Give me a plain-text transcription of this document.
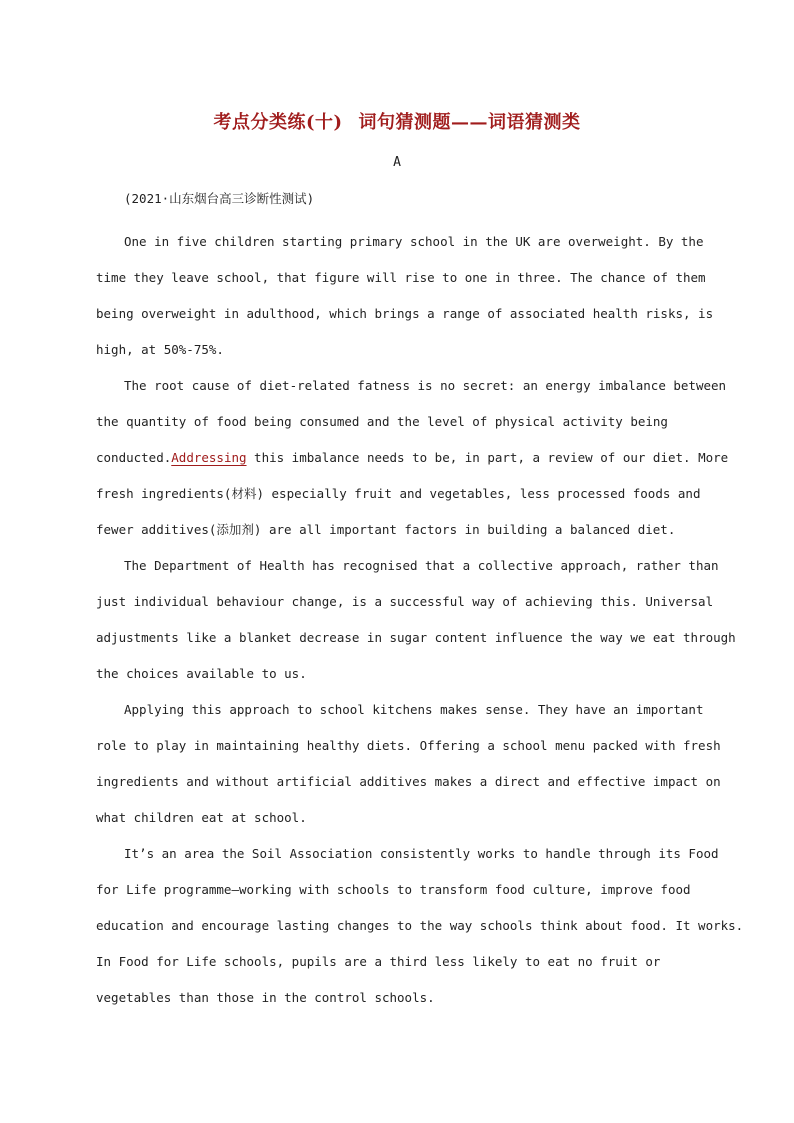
考点分类练(十) 词句猜测题——词语猜测类
A
(2021·山东烟台高三诊断性测试)
One in five children starting primary school in the UK are overweight. By the
time they leave school, that figure will rise to one in three. The chance of them
being overweight in adulthood, which brings a range of associated health risks, is
high, at 50%-75%.
The root cause of diet-related fatness is no secret: an energy imbalance between
the quantity of food being consumed and the level of physical activity being
conducted.Addressing this imbalance needs to be, in part, a review of our diet. More
fresh ingredients(材料) especially fruit and vegetables, less processed foods and
fewer additives(添加剂) are all important factors in building a balanced diet.
The Department of Health has recognised that a collective approach, rather than
just individual behaviour change, is a successful way of achieving this. Universal
adjustments like a blanket decrease in sugar content influence the way we eat through
the choices available to us.
Applying this approach to school kitchens makes sense. They have an important
role to play in maintaining healthy diets. Offering a school menu packed with fresh
ingredients and without artificial additives makes a direct and effective impact on
what children eat at school.
It’s an area the Soil Association consistently works to handle through its Food
for Life programme—working with schools to transform food culture, improve food
education and encourage lasting changes to the way schools think about food. It works.
In Food for Life schools, pupils are a third less likely to eat no fruit or
vegetables than those in the control schools.
